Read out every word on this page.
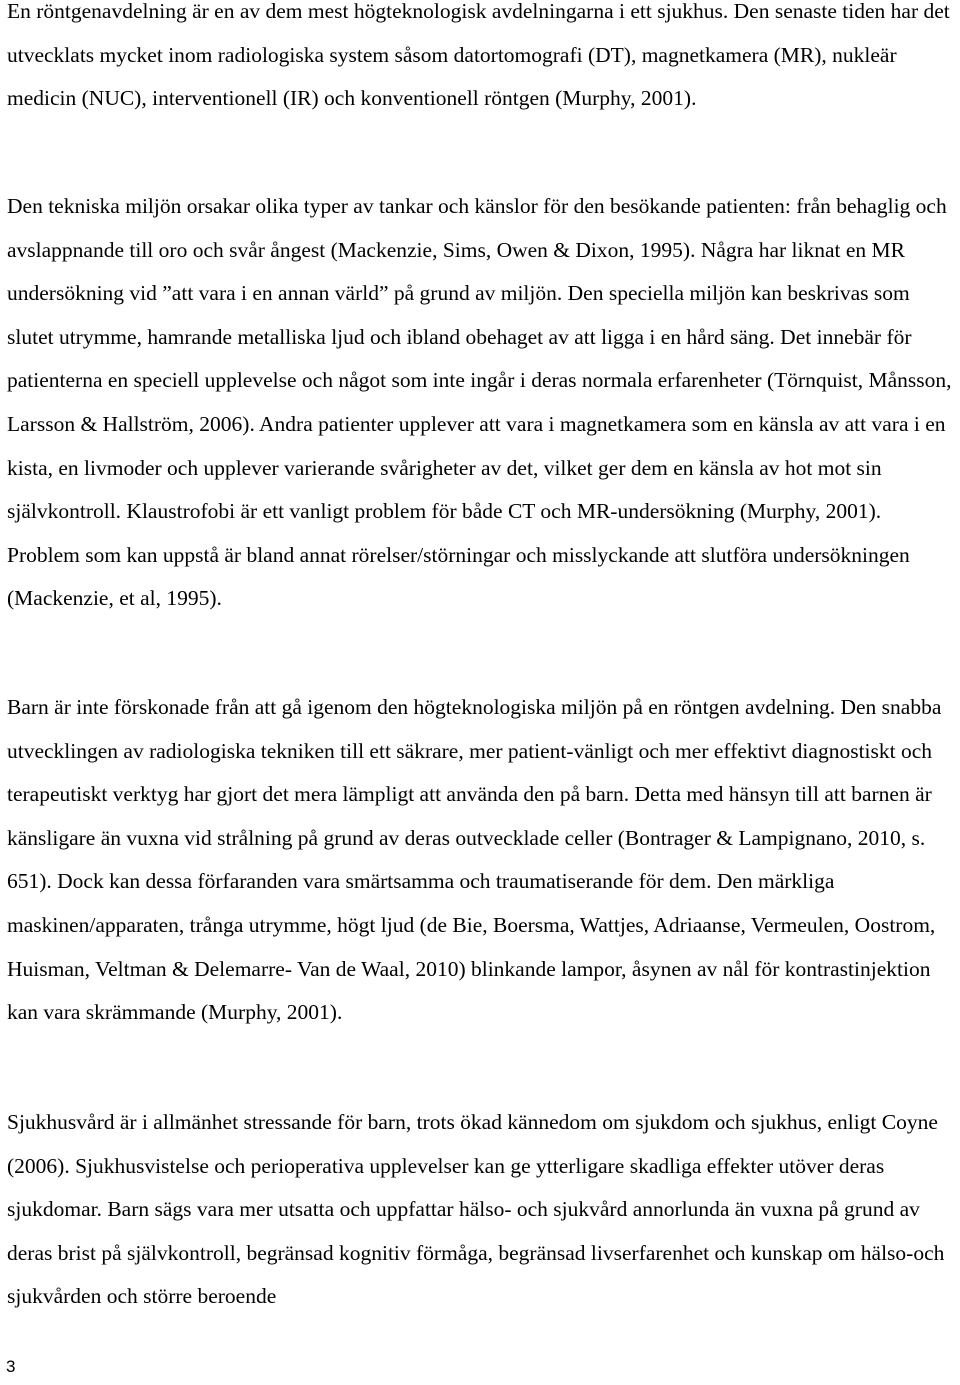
En röntgenavdelning är en av dem mest högteknologisk avdelningarna i ett sjukhus. Den senaste tiden har det utvecklats mycket inom radiologiska system såsom datortomografi (DT), magnetkamera (MR), nukleär medicin (NUC), interventionell (IR) och konventionell röntgen (Murphy, 2001).

Den tekniska miljön orsakar olika typer av tankar och känslor för den besökande patienten: från behaglig och avslappnande till oro och svår ångest (Mackenzie, Sims, Owen & Dixon, 1995). Några har liknat en MR undersökning vid ”att vara i en annan värld” på grund av miljön. Den speciella miljön kan beskrivas som slutet utrymme, hamrande metalliska ljud och ibland obehaget av att ligga i en hård säng. Det innebär för patienterna en speciell upplevelse och något som inte ingår i deras normala erfarenheter (Törnquist, Månsson, Larsson & Hallström, 2006). Andra patienter upplever att vara i magnetkamera som en känsla av att vara i en kista, en livmoder och upplever varierande svårigheter av det, vilket ger dem en känsla av hot mot sin självkontroll. Klaustrofobi är ett vanligt problem för både CT och MR-undersökning (Murphy, 2001). Problem som kan uppstå är bland annat rörelser/störningar och misslyckande att slutföra undersökningen (Mackenzie, et al, 1995).

Barn är inte förskonade från att gå igenom den högteknologiska miljön på en röntgen avdelning. Den snabba utvecklingen av radiologiska tekniken till ett säkrare, mer patient-vänligt och mer effektivt diagnostiskt och terapeutiskt verktyg har gjort det mera lämpligt att använda den på barn. Detta med hänsyn till att barnen är känsligare än vuxna vid strålning på grund av deras outvecklade celler (Bontrager & Lampignano, 2010, s. 651). Dock kan dessa förfaranden vara smärtsamma och traumatiserande för dem. Den märkliga maskinen/apparaten, trånga utrymme, högt ljud (de Bie, Boersma, Wattjes, Adriaanse, Vermeulen, Oostrom, Huisman, Veltman & Delemarre- Van de Waal, 2010) blinkande lampor, åsynen av nål för kontrastinjektion kan vara skrämmande (Murphy, 2001).

Sjukhusvård är i allmänhet stressande för barn, trots ökad kännedom om sjukdom och sjukhus, enligt Coyne (2006). Sjukhusvistelse och perioperativa upplevelser kan ge ytterligare skadliga effekter utöver deras sjukdomar. Barn sägs vara mer utsatta och uppfattar hälso- och sjukvård annorlunda än vuxna på grund av deras brist på självkontroll, begränsad kognitiv förmåga, begränsad livserfarenhet och kunskap om hälso-och sjukvården och större beroende

3
